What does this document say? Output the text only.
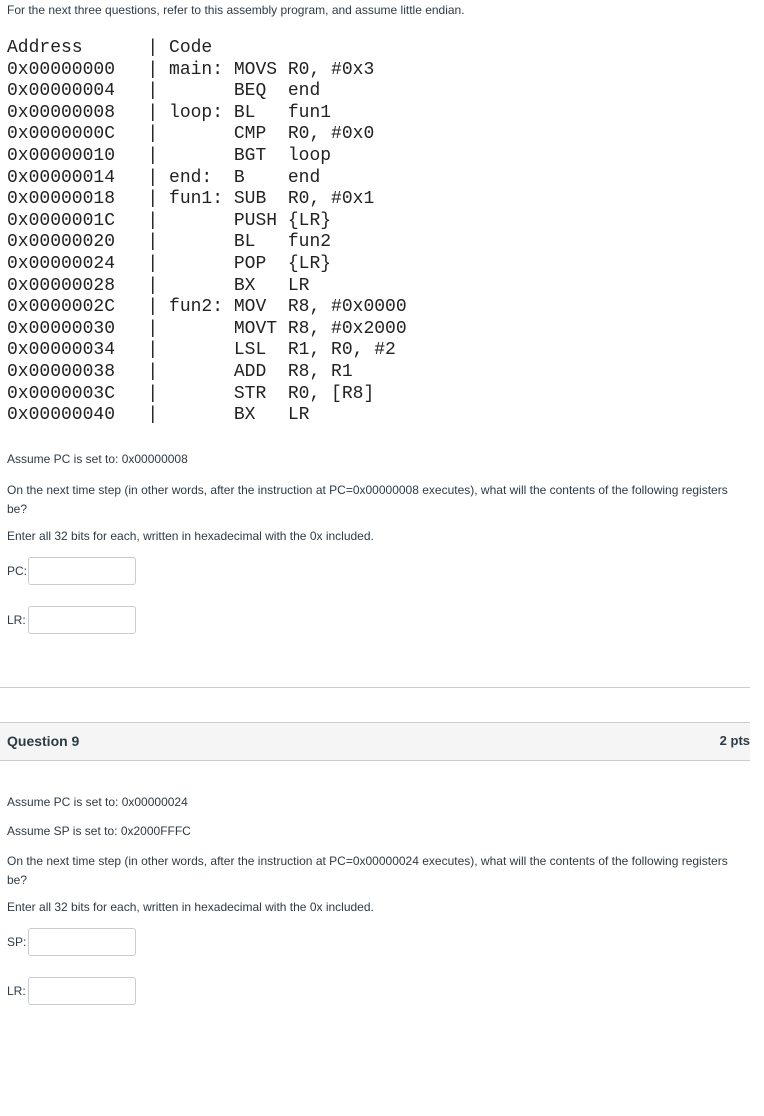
For the next three questions, refer to this assembly program, and assume little endian.

Address      | Code
0x00000000   | main: MOVS R0, #0x3
0x00000004   |       BEQ  end
0x00000008   | loop: BL   fun1
0x0000000C   |       CMP  R0, #0x0
0x00000010   |       BGT  loop
0x00000014   | end:  B    end
0x00000018   | fun1: SUB  R0, #0x1
0x0000001C   |       PUSH {LR}
0x00000020   |       BL   fun2
0x00000024   |       POP  {LR}
0x00000028   |       BX   LR
0x0000002C   | fun2: MOV  R8, #0x0000
0x00000030   |       MOVT R8, #0x2000
0x00000034   |       LSL  R1, R0, #2
0x00000038   |       ADD  R8, R1
0x0000003C   |       STR  R0, [R8]
0x00000040   |       BX   LR

Assume PC is set to: 0x00000008

On the next time step (in other words, after the instruction at PC=0x00000008 executes), what will the contents of the following registers be?

Enter all 32 bits for each, written in hexadecimal with the 0x included.

PC:
LR:
Question 9	2 pts

Assume PC is set to: 0x00000024

Assume SP is set to: 0x2000FFFC

On the next time step (in other words, after the instruction at PC=0x00000024 executes), what will the contents of the following registers be?

Enter all 32 bits for each, written in hexadecimal with the 0x included.

SP:
LR:
